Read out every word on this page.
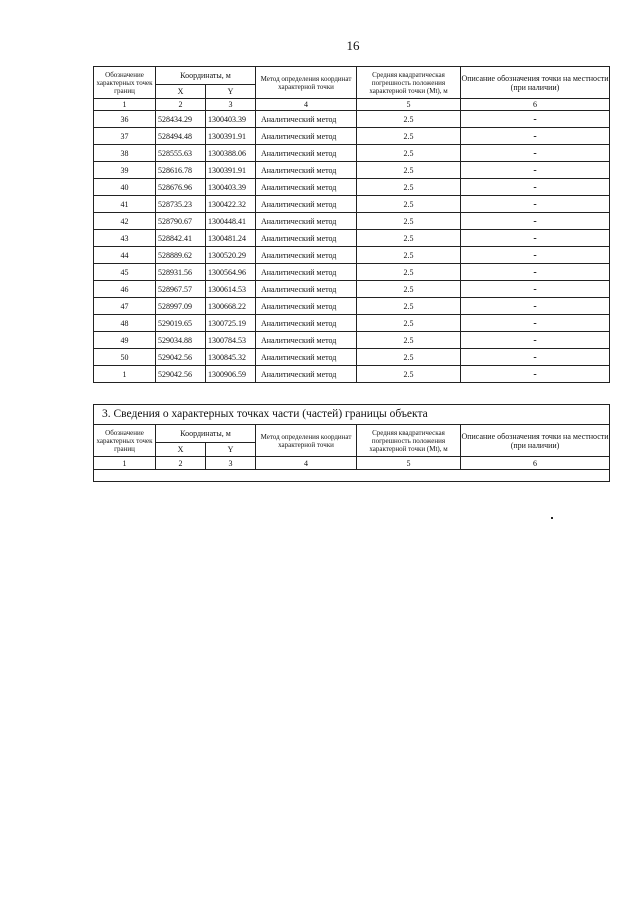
16
Обозначение характерных точек границ	Координаты, м		Метод определения координат характерной точки	Средняя квадратическая погрешность положения характерной точки (Mt), м	Описание обозначения точки на местности (при наличии)
	X	Y			
1	2	3	4	5	6
36	528434.29	1300403.39	Аналитический метод	2.5	-
37	528494.48	1300391.91	Аналитический метод	2.5	-
38	528555.63	1300388.06	Аналитический метод	2.5	-
39	528616.78	1300391.91	Аналитический метод	2.5	-
40	528676.96	1300403.39	Аналитический метод	2.5	-
41	528735.23	1300422.32	Аналитический метод	2.5	-
42	528790.67	1300448.41	Аналитический метод	2.5	-
43	528842.41	1300481.24	Аналитический метод	2.5	-
44	528889.62	1300520.29	Аналитический метод	2.5	-
45	528931.56	1300564.96	Аналитический метод	2.5	-
46	528967.57	1300614.53	Аналитический метод	2.5	-
47	528997.09	1300668.22	Аналитический метод	2.5	-
48	529019.65	1300725.19	Аналитический метод	2.5	-
49	529034.88	1300784.53	Аналитический метод	2.5	-
50	529042.56	1300845.32	Аналитический метод	2.5	-
1	529042.56	1300906.59	Аналитический метод	2.5	-
3. Сведения о характерных точках части (частей) границы объекта					
Обозначение характерных точек границ	Координаты, м		Метод определения координат характерной точки	Средняя квадратическая погрешность положения характерной точки (Mt), м	Описание обозначения точки на местности (при наличии)
	X	Y			
1	2	3	4	5	6
